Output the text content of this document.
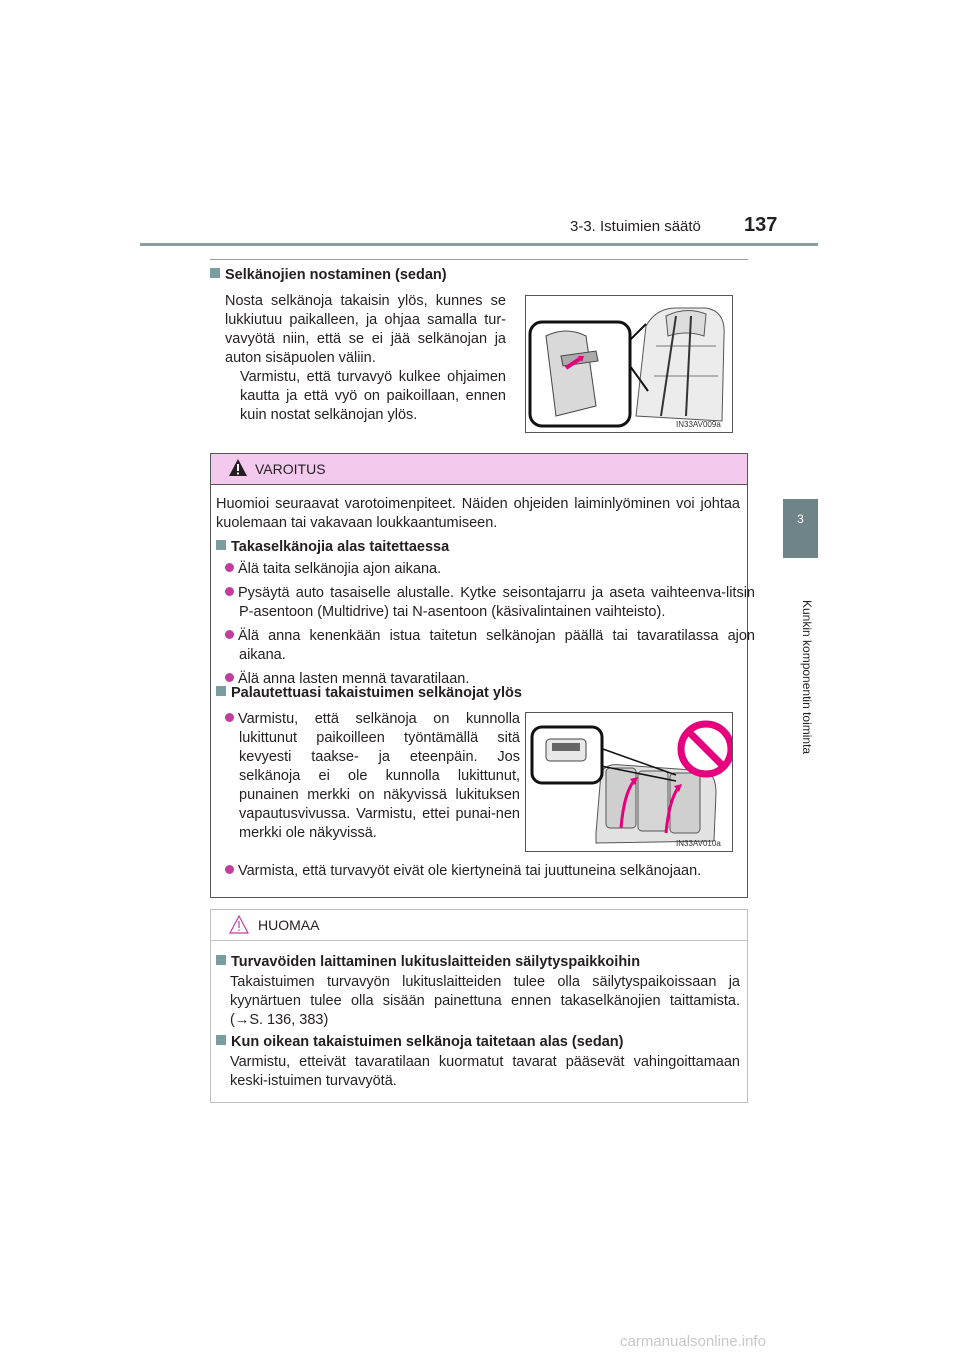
3-3. Istuimien säätö 137
3
Kunkin komponentin toiminta
Selkänojien nostaminen (sedan)
Nosta selkänoja takaisin ylös, kunnes se lukkiutuu paikalleen, ja ohjaa samalla tur-vavyötä niin, että se ei jää selkänojan ja auton sisäpuolen väliin.
Varmistu, että turvavyö kulkee ohjaimen kautta ja että vyö on paikoillaan, ennen kuin nostat selkänojan ylös.
IN33AV009a
VAROITUS
Huomioi seuraavat varotoimenpiteet. Näiden ohjeiden laiminlyöminen voi johtaa kuolemaan tai vakavaan loukkaantumiseen.
Takaselkänojia alas taitettaessa
Älä taita selkänojia ajon aikana.
Pysäytä auto tasaiselle alustalle. Kytke seisontajarru ja aseta vaihteenva-litsin P-asentoon (Multidrive) tai N-asentoon (käsivalintainen vaihteisto).
Älä anna kenenkään istua taitetun selkänojan päällä tai tavaratilassa ajon aikana.
Älä anna lasten mennä tavaratilaan.
Palautettuasi takaistuimen selkänojat ylös
Varmistu, että selkänoja on kunnolla lukittunut paikoilleen työntämällä sitä kevyesti taakse- ja eteenpäin. Jos selkänoja ei ole kunnolla lukittunut, punainen merkki on näkyvissä lukituksen vapautusvivussa. Varmistu, ettei punai-nen merkki ole näkyvissä.
IN33AV010a
Varmista, että turvavyöt eivät ole kiertyneinä tai juuttuneina selkänojaan.
HUOMAA
Turvavöiden laittaminen lukituslaitteiden säilytyspaikkoihin
Takaistuimen turvavyön lukituslaitteiden tulee olla säilytyspaikoissaan ja kyynärtuen tulee olla sisään painettuna ennen takaselkänojien taittamista. (→S. 136, 383)
Kun oikean takaistuimen selkänoja taitetaan alas (sedan)
Varmistu, etteivät tavaratilaan kuormatut tavarat pääsevät vahingoittamaan keski-istuimen turvavyötä.
carmanualsonline.info
